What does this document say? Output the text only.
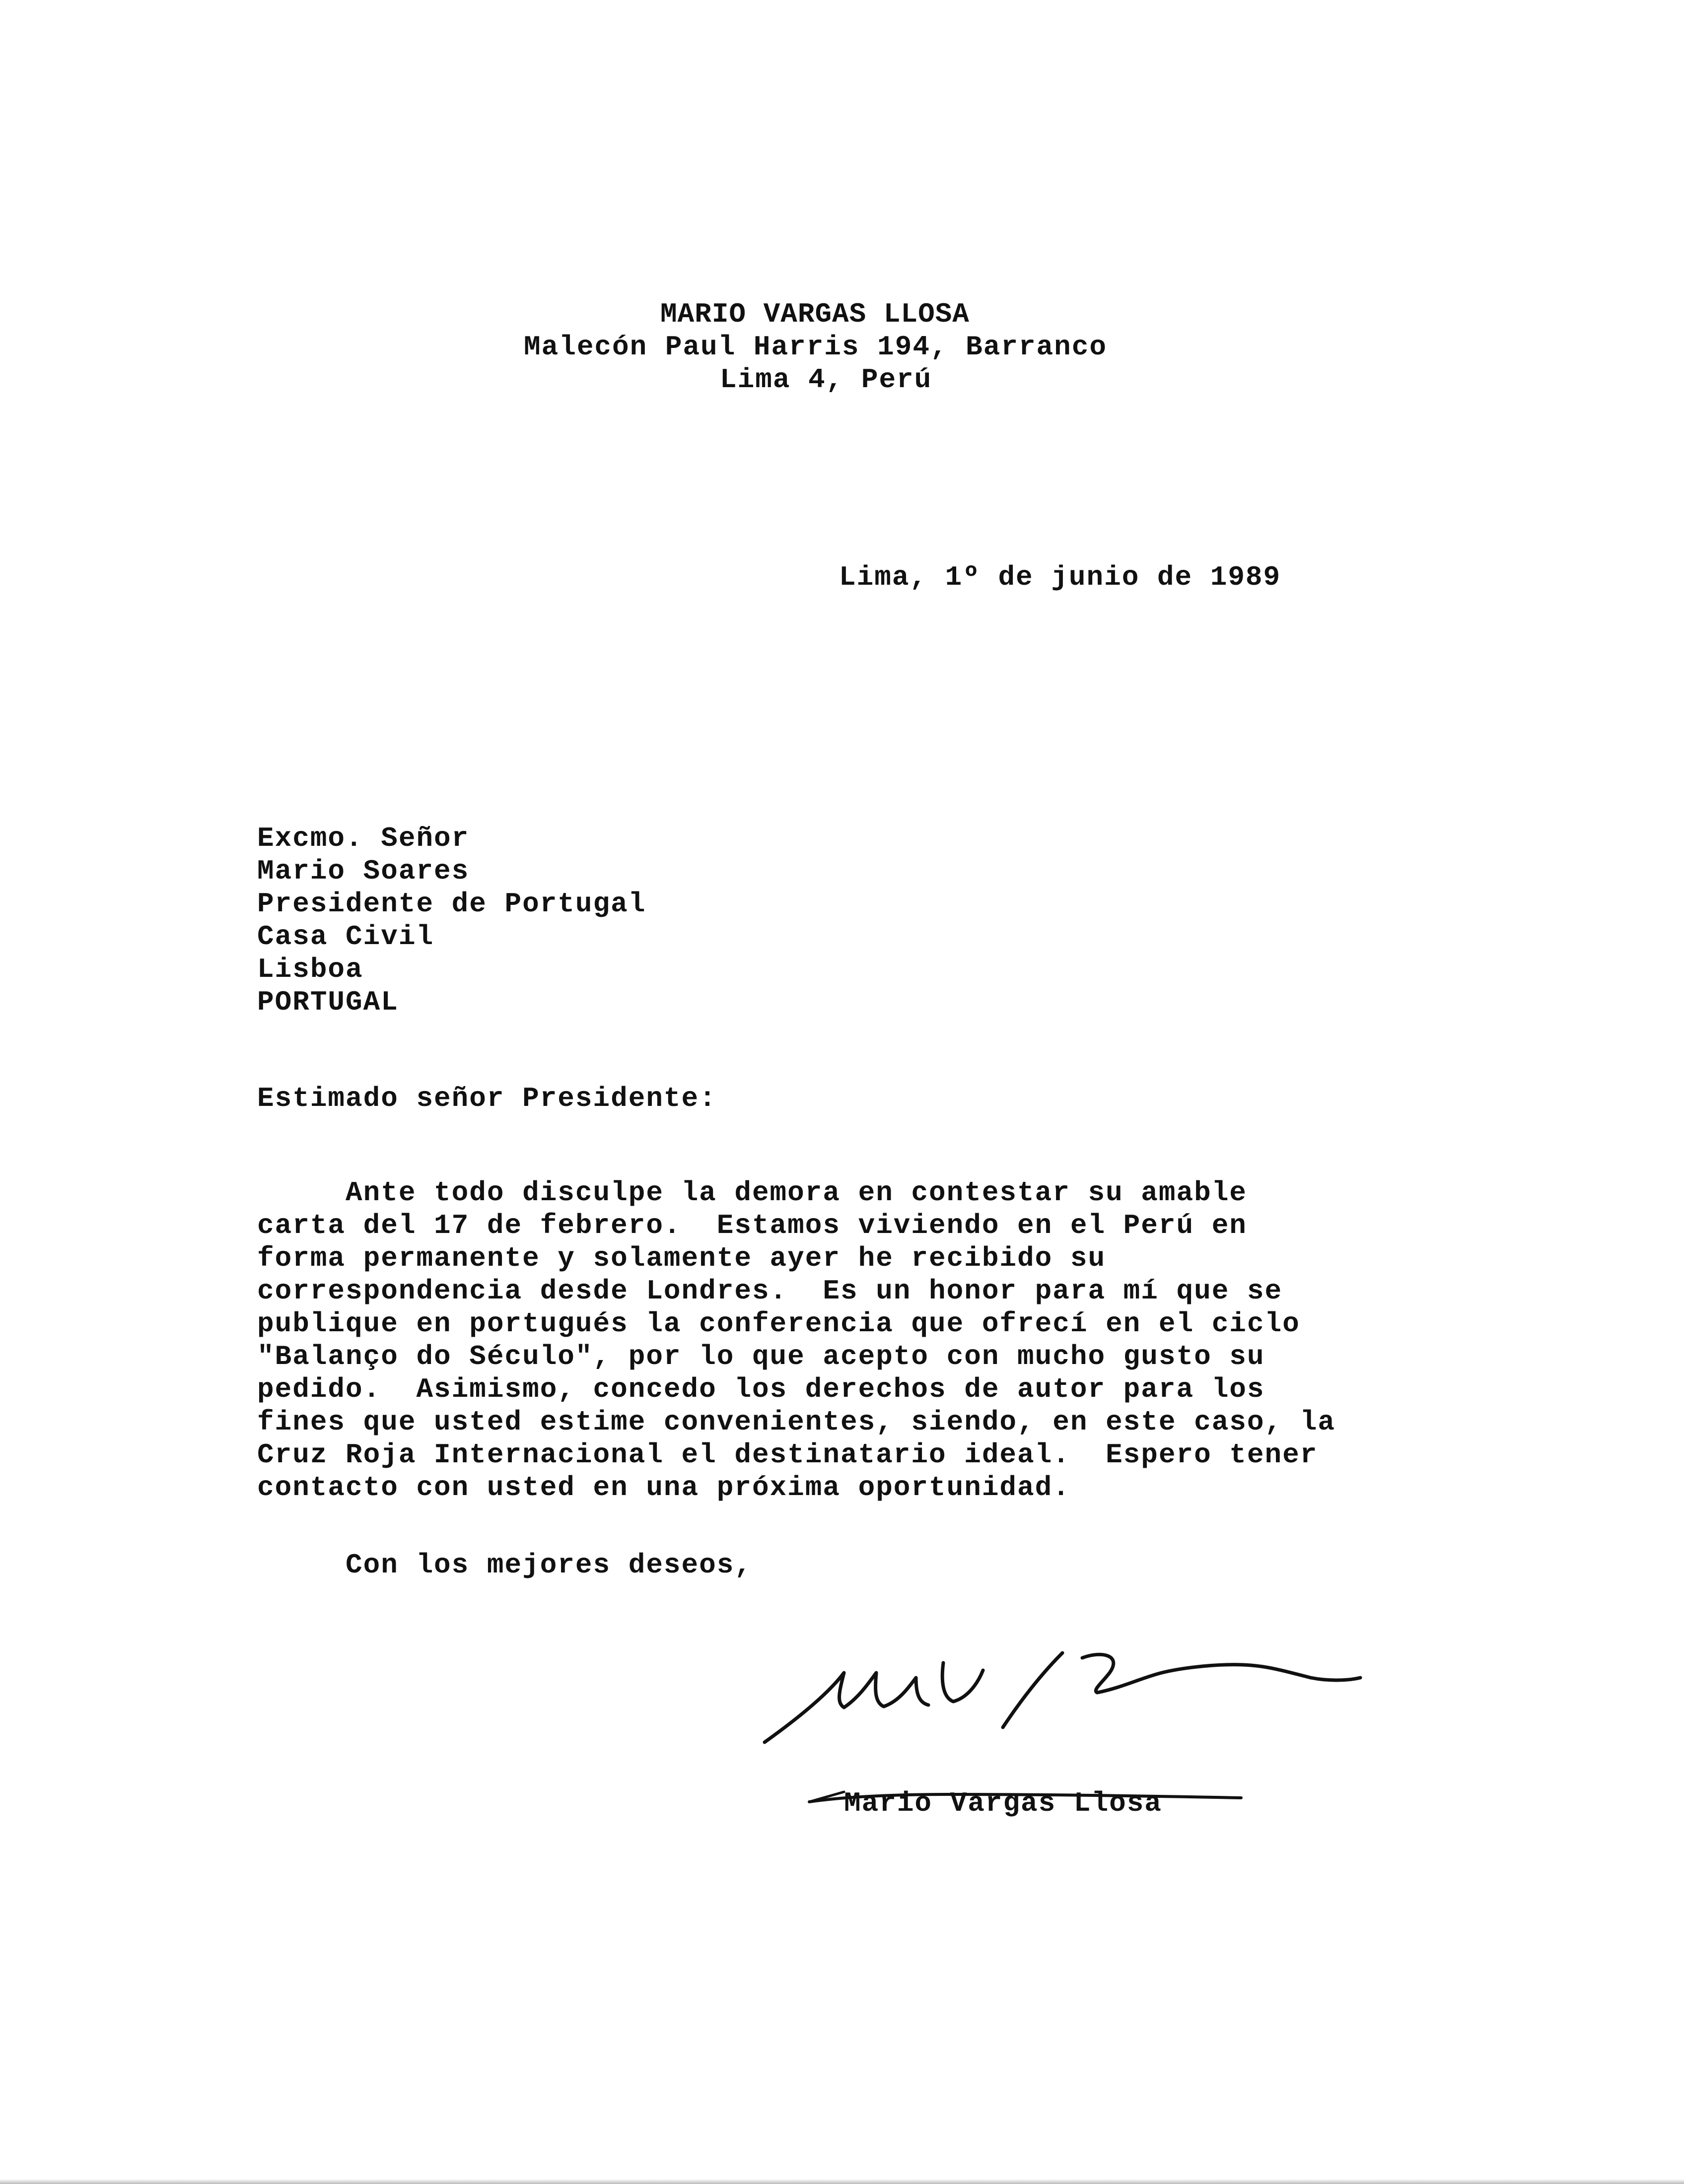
MARIO VARGAS LLOSA

Malecón Paul Harris 194, Barranco

Lima 4, Perú

Lima, 1º de junio de 1989

Excmo. Señor

Mario Soares

Presidente de Portugal

Casa Civil

Lisboa

PORTUGAL

Estimado señor Presidente:

Ante todo disculpe la demora en contestar su amable

carta del 17 de febrero.  Estamos viviendo en el Perú en

forma permanente y solamente ayer he recibido su

correspondencia desde Londres.  Es un honor para mí que se

publique en portugués la conferencia que ofrecí en el ciclo

"Balanço do Século", por lo que acepto con mucho gusto su

pedido.  Asimismo, concedo los derechos de autor para los

fines que usted estime convenientes, siendo, en este caso, la

Cruz Roja Internacional el destinatario ideal.  Espero tener

contacto con usted en una próxima oportunidad.

Con los mejores deseos,

Mario Vargas Llosa
